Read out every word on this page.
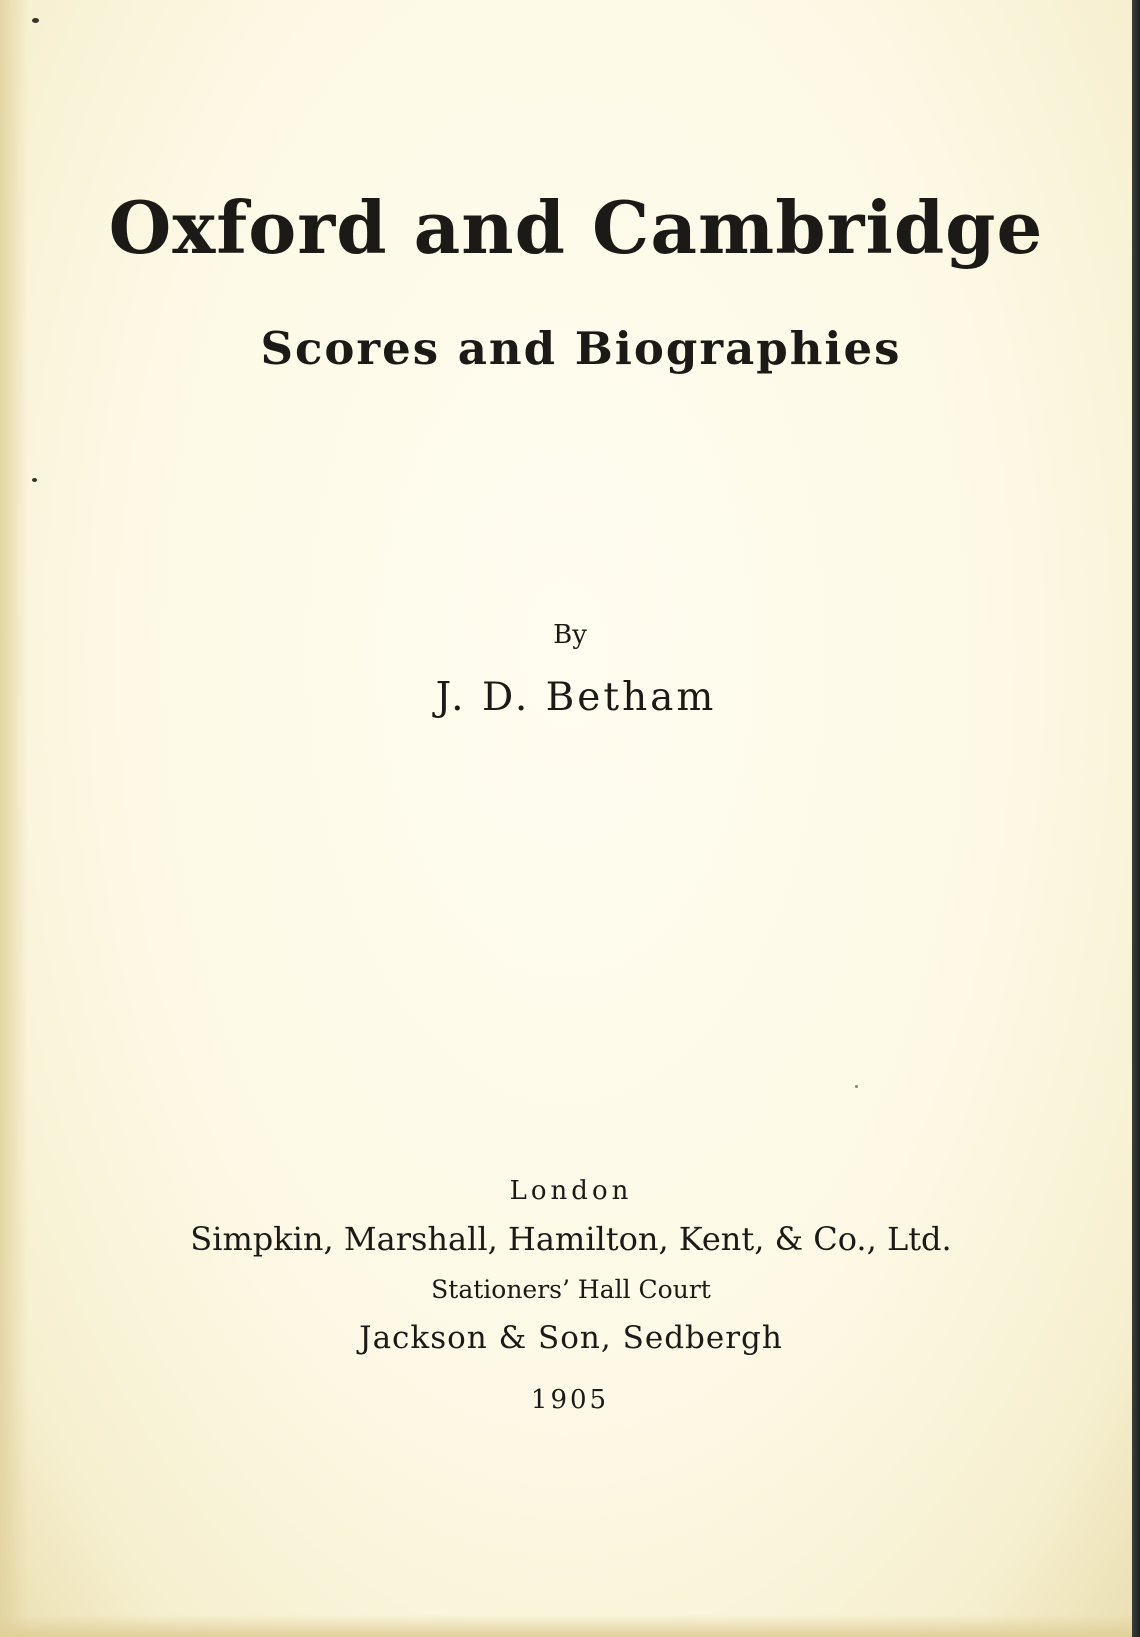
Oxford and Cambridge
Scores and Biographies

By

J. D. Betham

London

Simpkin, Marshall, Hamilton, Kent, & Co., Ltd.

Stationers’ Hall Court

Jackson & Son, Sedbergh

1905
